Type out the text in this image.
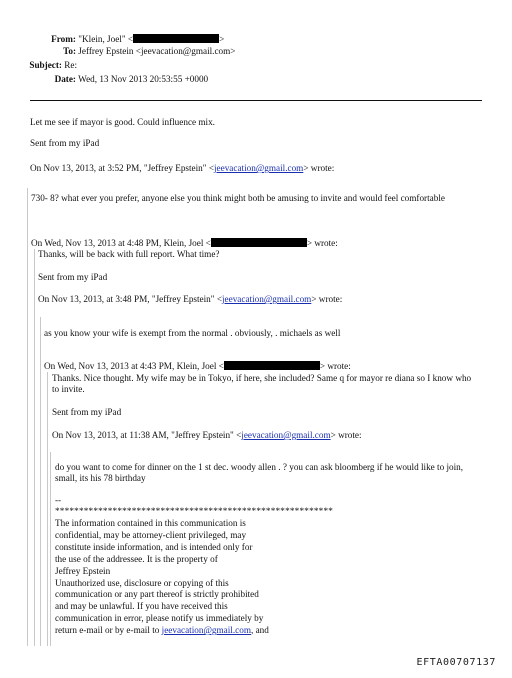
From: "Klein, Joel" <	>
To: Jeffrey Epstein <jeevacation@gmail.com>
Subject: Re:
Date: Wed, 13 Nov 2013 20:53:55 +0000
Let me see if mayor is good. Could influence mix.
Sent from my iPad
On Nov 13, 2013, at 3:52 PM, "Jeffrey Epstein" <jeevacation@gmail.com> wrote:
730- 8? what ever you prefer, anyone else you think might both be amusing to invite and would feel comfortable
On Wed, Nov 13, 2013 at 4:48 PM, Klein, Joel <	> wrote:
Thanks, will be back with full report. What time?
Sent from my iPad
On Nov 13, 2013, at 3:48 PM, "Jeffrey Epstein" <jeevacation@gmail.com> wrote:
as you know your wife is exempt from the normal . obviously, . michaels as well
On Wed, Nov 13, 2013 at 4:43 PM, Klein, Joel <	> wrote:
Thanks. Nice thought. My wife may be in Tokyo, if here, she included? Same q for mayor re diana so I know who to invite.
Sent from my iPad
On Nov 13, 2013, at 11:38 AM, "Jeffrey Epstein" <jeevacation@gmail.com> wrote:
do you want to come for dinner on the 1 st dec. woody allen . ? you can ask bloomberg if he would like to join, small, its his 78 birthday
--
**********************************************************
The information contained in this communication is
confidential, may be attorney-client privileged, may
constitute inside information, and is intended only for
the use of the addressee. It is the property of
Jeffrey Epstein
Unauthorized use, disclosure or copying of this
communication or any part thereof is strictly prohibited
and may be unlawful. If you have received this
communication in error, please notify us immediately by
return e-mail or by e-mail to jeevacation@gmail.com, and
EFTA00707137
